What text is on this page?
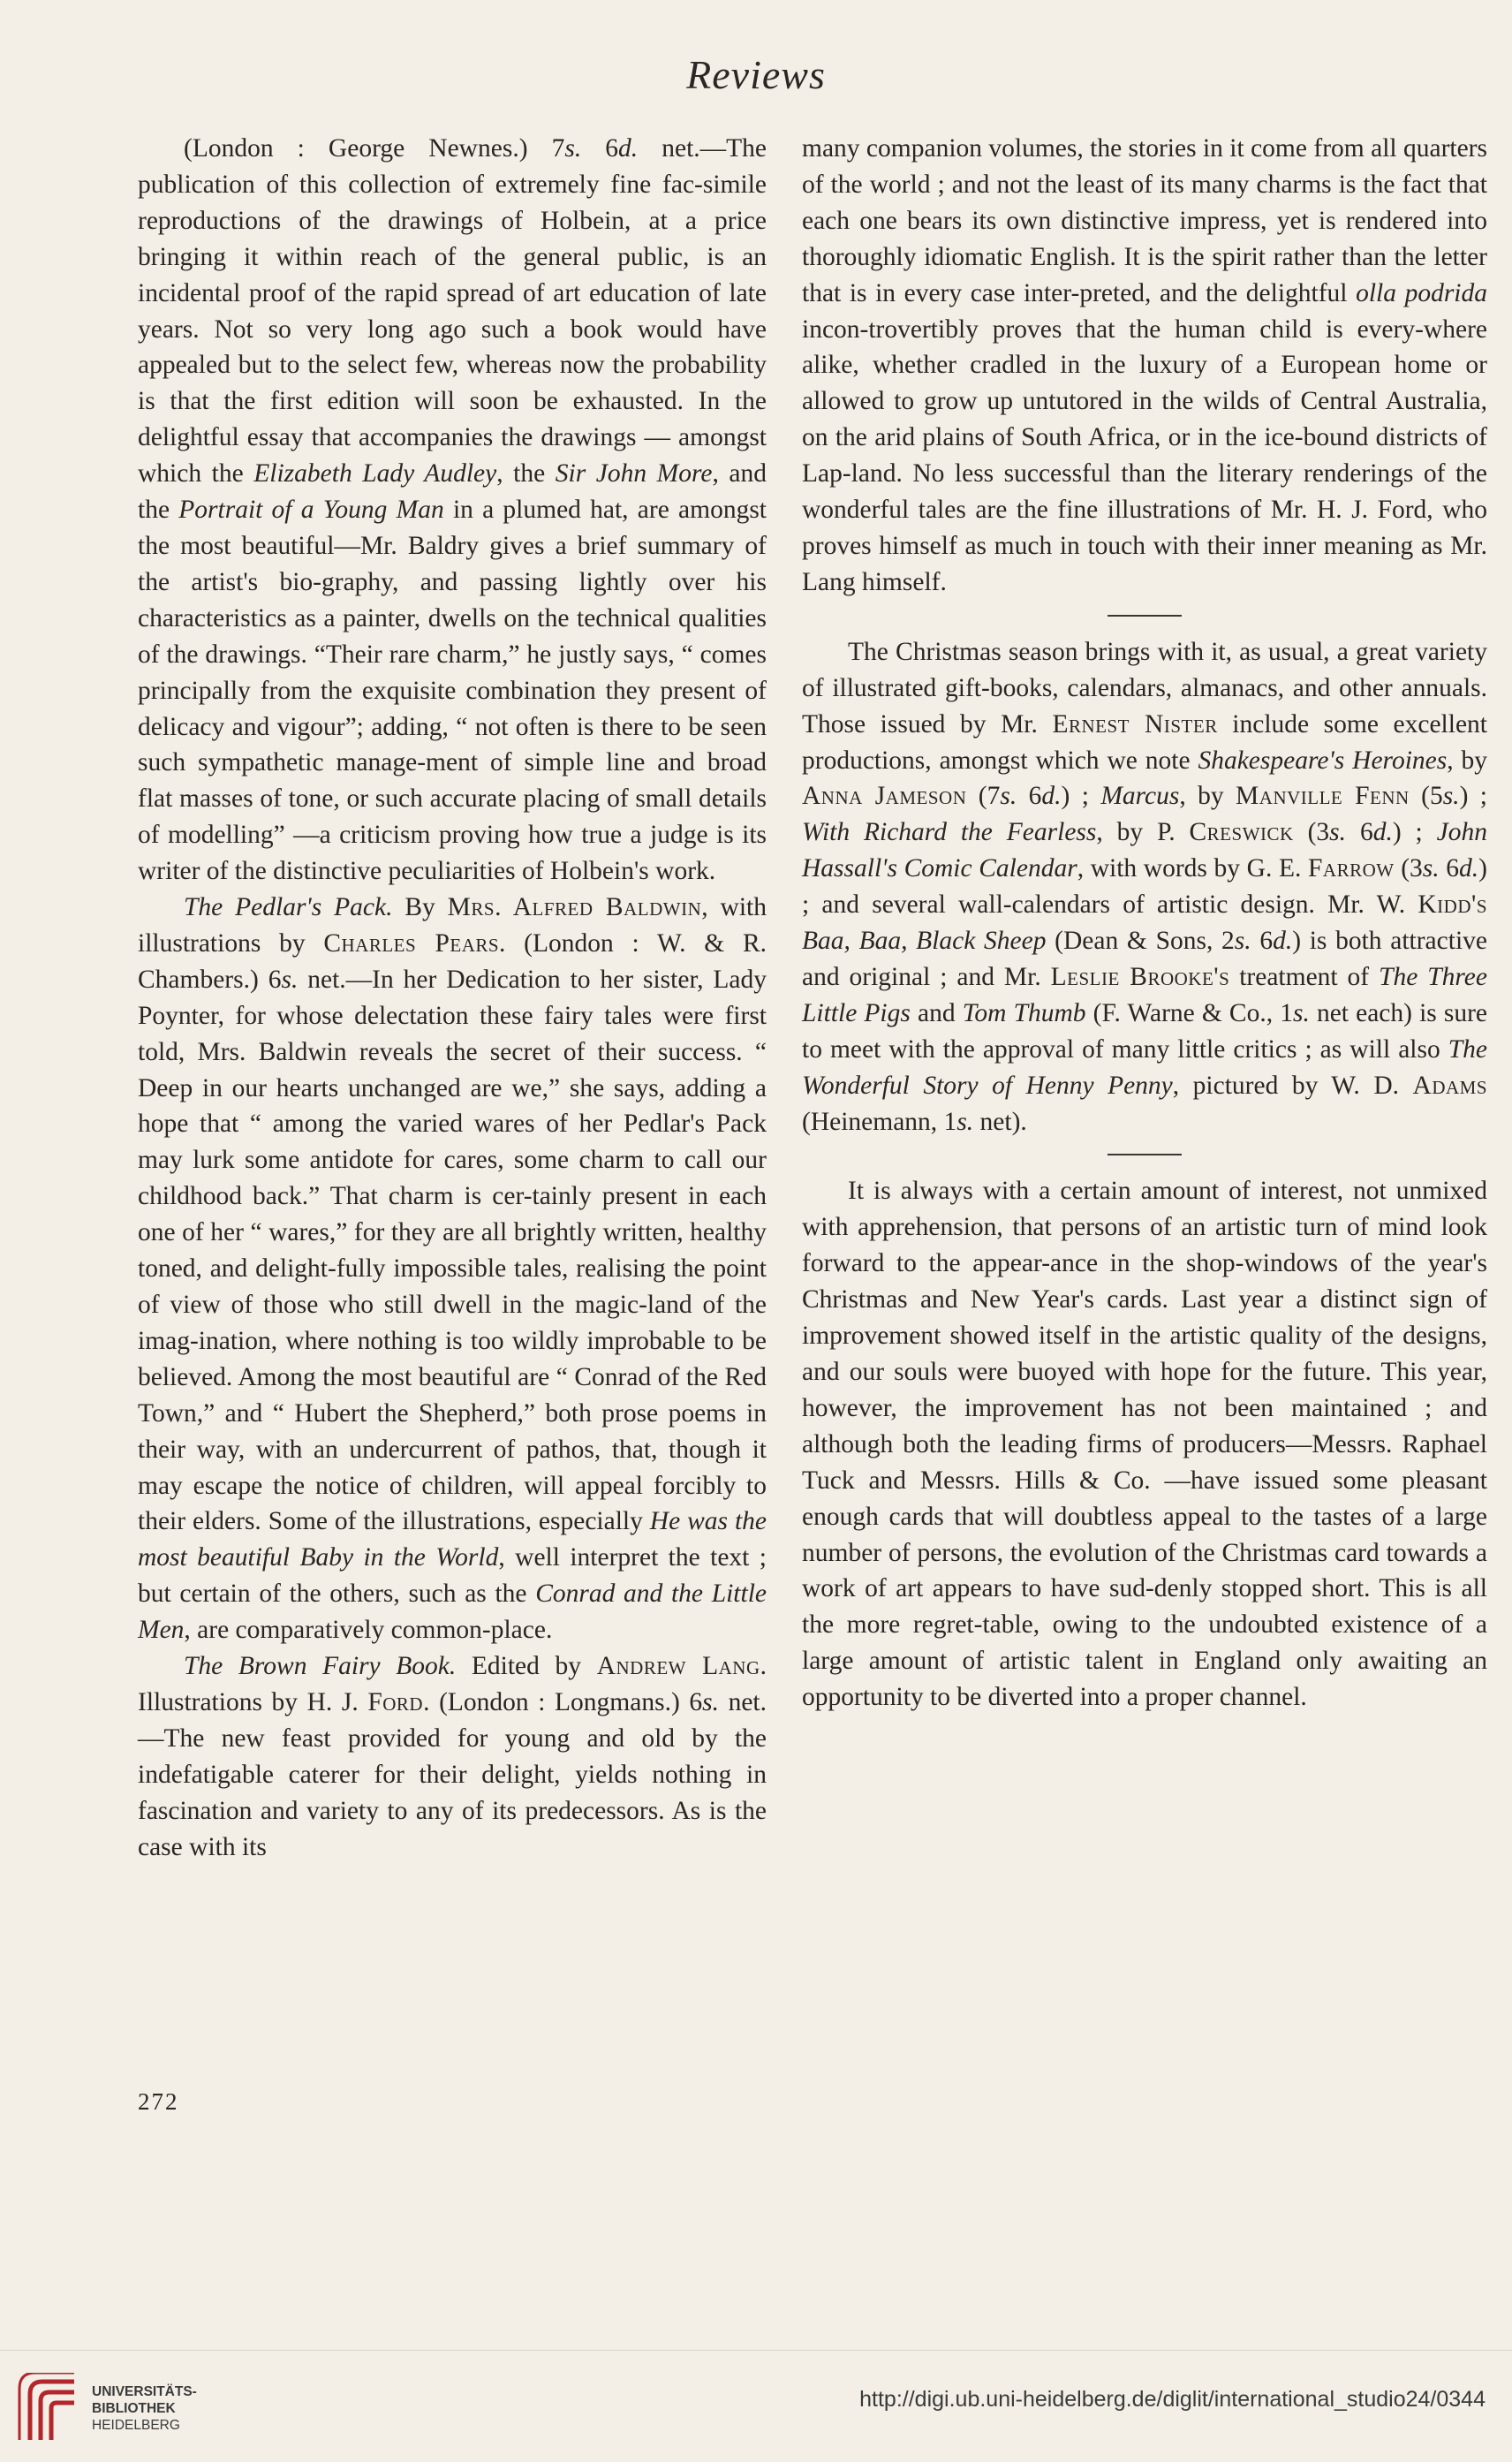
Reviews

(London : George Newnes.) 7s. 6d. net.—The publication of this collection of extremely fine fac-simile reproductions of the drawings of Holbein, at a price bringing it within reach of the general public, is an incidental proof of the rapid spread of art education of late years. Not so very long ago such a book would have appealed but to the select few, whereas now the probability is that the first edition will soon be exhausted. In the delightful essay that accompanies the drawings — amongst which the Elizabeth Lady Audley, the Sir John More, and the Portrait of a Young Man in a plumed hat, are amongst the most beautiful—Mr. Baldry gives a brief summary of the artist's bio-graphy, and passing lightly over his characteristics as a painter, dwells on the technical qualities of the drawings. “Their rare charm,” he justly says, “ comes principally from the exquisite combination they present of delicacy and vigour”; adding, “ not often is there to be seen such sympathetic manage-ment of simple line and broad flat masses of tone, or such accurate placing of small details of modelling” —a criticism proving how true a judge is its writer of the distinctive peculiarities of Holbein's work.

The Pedlar's Pack. By Mrs. Alfred Baldwin, with illustrations by Charles Pears. (London : W. & R. Chambers.) 6s. net.—In her Dedication to her sister, Lady Poynter, for whose delectation these fairy tales were first told, Mrs. Baldwin reveals the secret of their success. “ Deep in our hearts unchanged are we,” she says, adding a hope that “ among the varied wares of her Pedlar's Pack may lurk some antidote for cares, some charm to call our childhood back.” That charm is cer-tainly present in each one of her “ wares,” for they are all brightly written, healthy toned, and delight-fully impossible tales, realising the point of view of those who still dwell in the magic-land of the imag-ination, where nothing is too wildly improbable to be believed. Among the most beautiful are “ Conrad of the Red Town,” and “ Hubert the Shepherd,” both prose poems in their way, with an undercurrent of pathos, that, though it may escape the notice of children, will appeal forcibly to their elders. Some of the illustrations, especially He was the most beautiful Baby in the World, well interpret the text ; but certain of the others, such as the Conrad and the Little Men, are comparatively common-place.

The Brown Fairy Book. Edited by Andrew Lang. Illustrations by H. J. Ford. (London : Longmans.) 6s. net.—The new feast provided for young and old by the indefatigable caterer for their delight, yields nothing in fascination and variety to any of its predecessors. As is the case with its

many companion volumes, the stories in it come from all quarters of the world ; and not the least of its many charms is the fact that each one bears its own distinctive impress, yet is rendered into thoroughly idiomatic English. It is the spirit rather than the letter that is in every case inter-preted, and the delightful olla podrida incon-trovertibly proves that the human child is every-where alike, whether cradled in the luxury of a European home or allowed to grow up untutored in the wilds of Central Australia, on the arid plains of South Africa, or in the ice-bound districts of Lap-land. No less successful than the literary renderings of the wonderful tales are the fine illustrations of Mr. H. J. Ford, who proves himself as much in touch with their inner meaning as Mr. Lang himself.

The Christmas season brings with it, as usual, a great variety of illustrated gift-books, calendars, almanacs, and other annuals. Those issued by Mr. Ernest Nister include some excellent productions, amongst which we note Shakespeare's Heroines, by Anna Jameson (7s. 6d.) ; Marcus, by Manville Fenn (5s.) ; With Richard the Fearless, by P. Creswick (3s. 6d.) ; John Hassall's Comic Calendar, with words by G. E. Farrow (3s. 6d.) ; and several wall-calendars of artistic design. Mr. W. Kidd's Baa, Baa, Black Sheep (Dean & Sons, 2s. 6d.) is both attractive and original ; and Mr. Leslie Brooke's treatment of The Three Little Pigs and Tom Thumb (F. Warne & Co., 1s. net each) is sure to meet with the approval of many little critics ; as will also The Wonderful Story of Henny Penny, pictured by W. D. Adams (Heinemann, 1s. net).

It is always with a certain amount of interest, not unmixed with apprehension, that persons of an artistic turn of mind look forward to the appear-ance in the shop-windows of the year's Christmas and New Year's cards. Last year a distinct sign of improvement showed itself in the artistic quality of the designs, and our souls were buoyed with hope for the future. This year, however, the improvement has not been maintained ; and although both the leading firms of producers—Messrs. Raphael Tuck and Messrs. Hills & Co. —have issued some pleasant enough cards that will doubtless appeal to the tastes of a large number of persons, the evolution of the Christmas card towards a work of art appears to have sud-denly stopped short. This is all the more regret-table, owing to the undoubted existence of a large amount of artistic talent in England only awaiting an opportunity to be diverted into a proper channel.

272
UNIVERSITÄTS-
BIBLIOTHEK
HEIDELBERG
http://digi.ub.uni-heidelberg.de/diglit/international_studio24/0344
